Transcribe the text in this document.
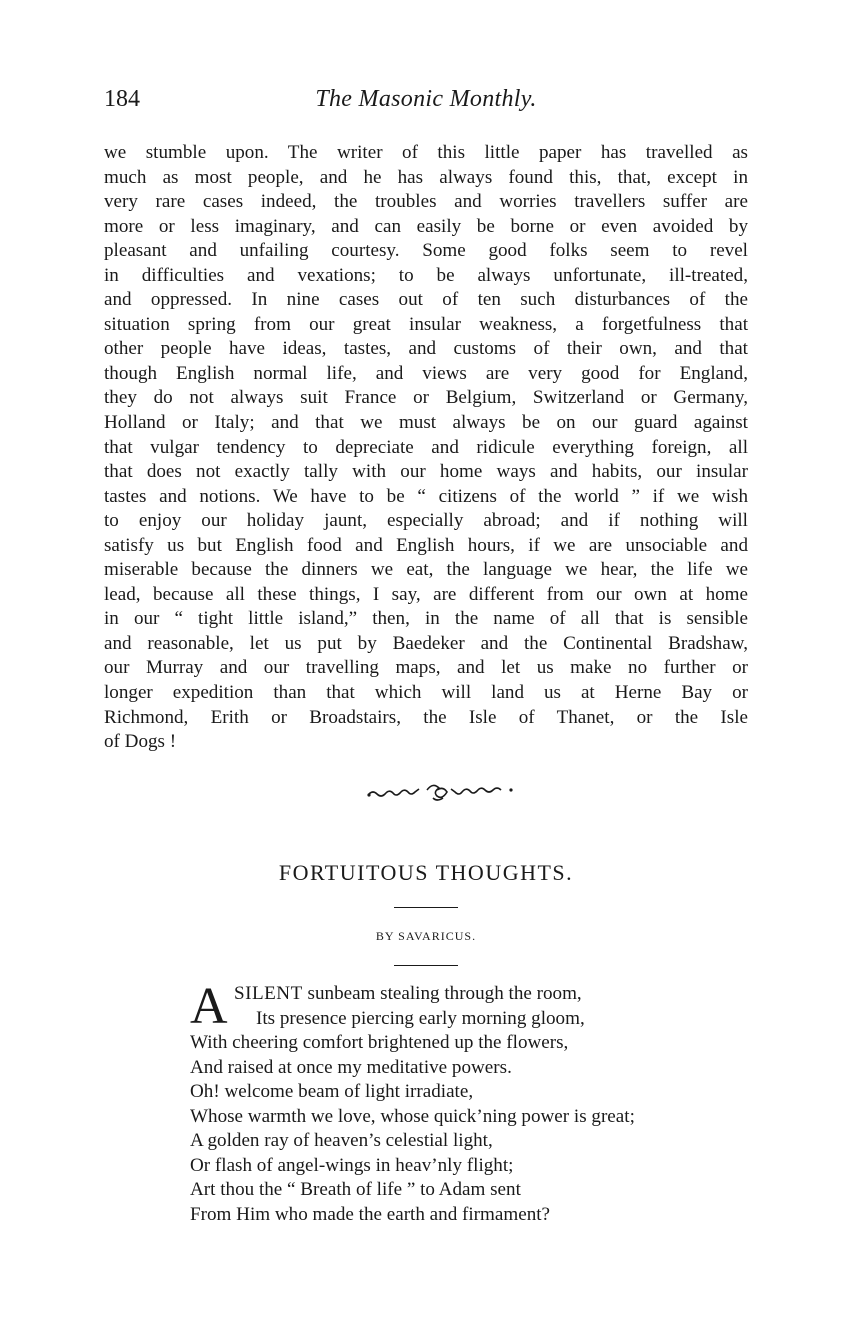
184	The Masonic Monthly.
we stumble upon. The writer of this little paper has travelled as
much as most people, and he has always found this, that, except in
very rare cases indeed, the troubles and worries travellers suffer are
more or less imaginary, and can easily be borne or even avoided by
pleasant and unfailing courtesy. Some good folks seem to revel
in difficulties and vexations; to be always unfortunate, ill-treated,
and oppressed. In nine cases out of ten such disturbances of the
situation spring from our great insular weakness, a forgetfulness that
other people have ideas, tastes, and customs of their own, and that
though English normal life, and views are very good for England,
they do not always suit France or Belgium, Switzerland or Germany,
Holland or Italy; and that we must always be on our guard against
that vulgar tendency to depreciate and ridicule everything foreign, all
that does not exactly tally with our home ways and habits, our insular
tastes and notions. We have to be “ citizens of the world ” if we wish
to enjoy our holiday jaunt, especially abroad; and if nothing will
satisfy us but English food and English hours, if we are unsociable and
miserable because the dinners we eat, the language we hear, the life we
lead, because all these things, I say, are different from our own at home
in our “ tight little island,” then, in the name of all that is sensible
and reasonable, let us put by Baedeker and the Continental Bradshaw,
our Murray and our travelling maps, and let us make no further or
longer expedition than that which will land us at Herne Bay or
Richmond, Erith or Broadstairs, the Isle of Thanet, or the Isle
of Dogs !
FORTUITOUS THOUGHTS.
BY SAVARICUS.
A SILENT sunbeam stealing through the room,
Its presence piercing early morning gloom,
With cheering comfort brightened up the flowers,
And raised at once my meditative powers.
Oh! welcome beam of light irradiate,
Whose warmth we love, whose quick’ning power is great;
A golden ray of heaven’s celestial light,
Or flash of angel-wings in heav’nly flight;
Art thou the “ Breath of life ” to Adam sent
From Him who made the earth and firmament?
